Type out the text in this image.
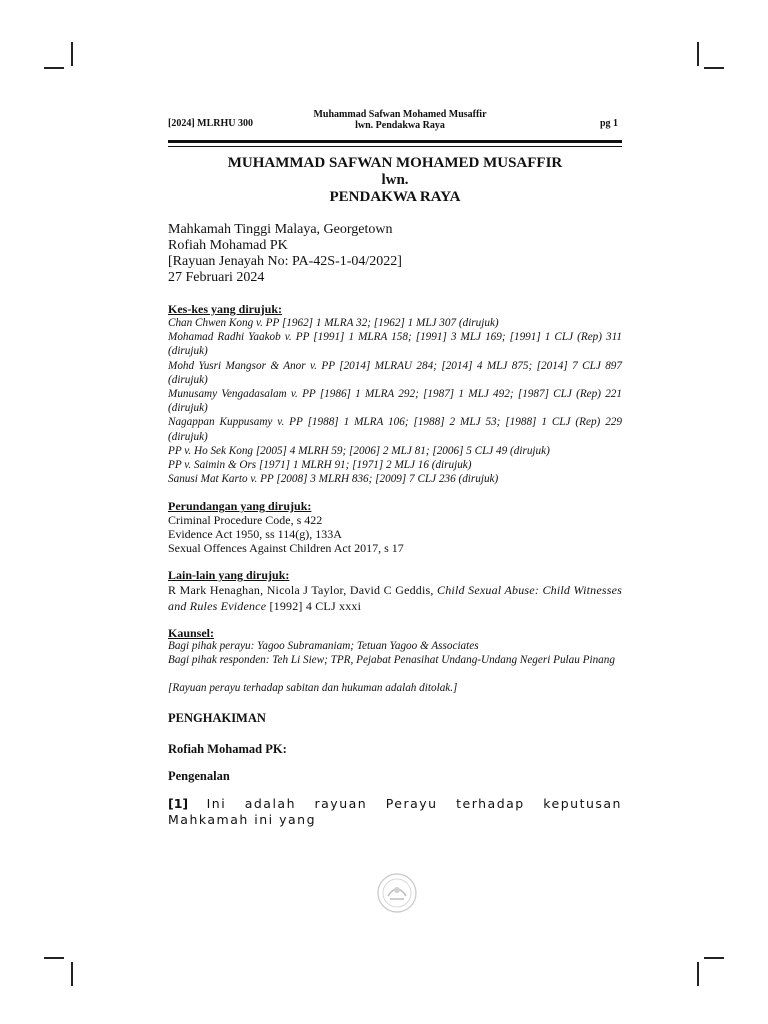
[2024] MLRHU 300
Muhammad Safwan Mohamed Musaffir
lwn. Pendakwa Raya	pg 1
MUHAMMAD SAFWAN MOHAMED MUSAFFIR
lwn.
PENDAKWA RAYA

Mahkamah Tinggi Malaya, Georgetown

Rofiah Mohamad PK

[Rayuan Jenayah No: PA-42S-1-04/2022]

27 Februari 2024

Kes-kes yang dirujuk:

Chan Chwen Kong v. PP [1962] 1 MLRA 32; [1962] 1 MLJ 307 (dirujuk)

Mohamad Radhi Yaakob v. PP [1991] 1 MLRA 158; [1991] 3 MLJ 169; [1991] 1 CLJ (Rep) 311 (dirujuk)

Mohd Yusri Mangsor & Anor v. PP [2014] MLRAU 284; [2014] 4 MLJ 875; [2014] 7 CLJ 897 (dirujuk)

Munusamy Vengadasalam v. PP [1986] 1 MLRA 292; [1987] 1 MLJ 492; [1987] CLJ (Rep) 221 (dirujuk)

Nagappan Kuppusamy v. PP [1988] 1 MLRA 106; [1988] 2 MLJ 53; [1988] 1 CLJ (Rep) 229 (dirujuk)

PP v. Ho Sek Kong [2005] 4 MLRH 59; [2006] 2 MLJ 81; [2006] 5 CLJ 49 (dirujuk)

PP v. Saimin & Ors [1971] 1 MLRH 91; [1971] 2 MLJ 16 (dirujuk)

Sanusi Mat Karto v. PP [2008] 3 MLRH 836; [2009] 7 CLJ 236 (dirujuk)

Perundangan yang dirujuk:

Criminal Procedure Code, s 422

Evidence Act 1950, ss 114(g), 133A

Sexual Offences Against Children Act 2017, s 17

Lain-lain yang dirujuk:

R Mark Henaghan, Nicola J Taylor, David C Geddis, Child Sexual Abuse: Child Witnesses and Rules Evidence [1992] 4 CLJ xxxi

Kaunsel:

Bagi pihak perayu: Yagoo Subramaniam; Tetuan Yagoo & Associates

Bagi pihak responden: Teh Li Siew; TPR, Pejabat Penasihat Undang-Undang Negeri Pulau Pinang

[Rayuan perayu terhadap sabitan dan hukuman adalah ditolak.]

PENGHAKIMAN

Rofiah Mohamad PK:

Pengenalan

[1] Ini adalah rayuan Perayu terhadap keputusan Mahkamah ini yang
